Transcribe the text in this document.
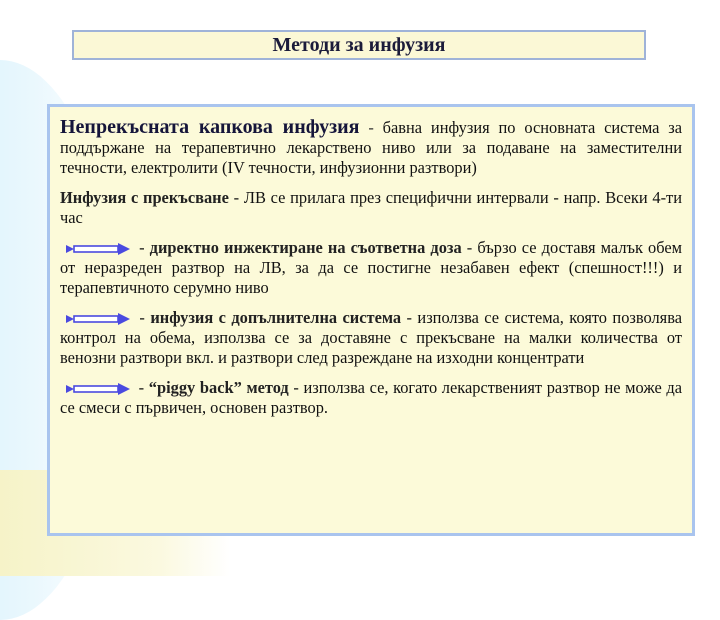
Методи за инфузия

Непрекъсната капкова инфузия - бавна инфузия по основната система за поддържане на терапевтично лекарствено ниво или за подаване на заместителни течности, електролити (IV течности, инфузионни разтвори)

Инфузия с прекъсване - ЛВ се прилага през специфични интервали - напр. Всеки 4-ти час

- директно инжектиране на съответна доза - бързо се доставя малък обем от неразреден разтвор на ЛВ, за да се постигне незабавен ефект (спешност!!!) и терапевтичното серумно ниво

- инфузия с допълнителна система - използва се система, която позволява контрол на обема, използва се за доставяне с прекъсване на малки количества от венозни разтвори вкл. и разтвори след разреждане на изходни концентрати

- “piggy back” метод - използва се, когато лекарственият разтвор не може да се смеси с първичен, основен разтвор.
